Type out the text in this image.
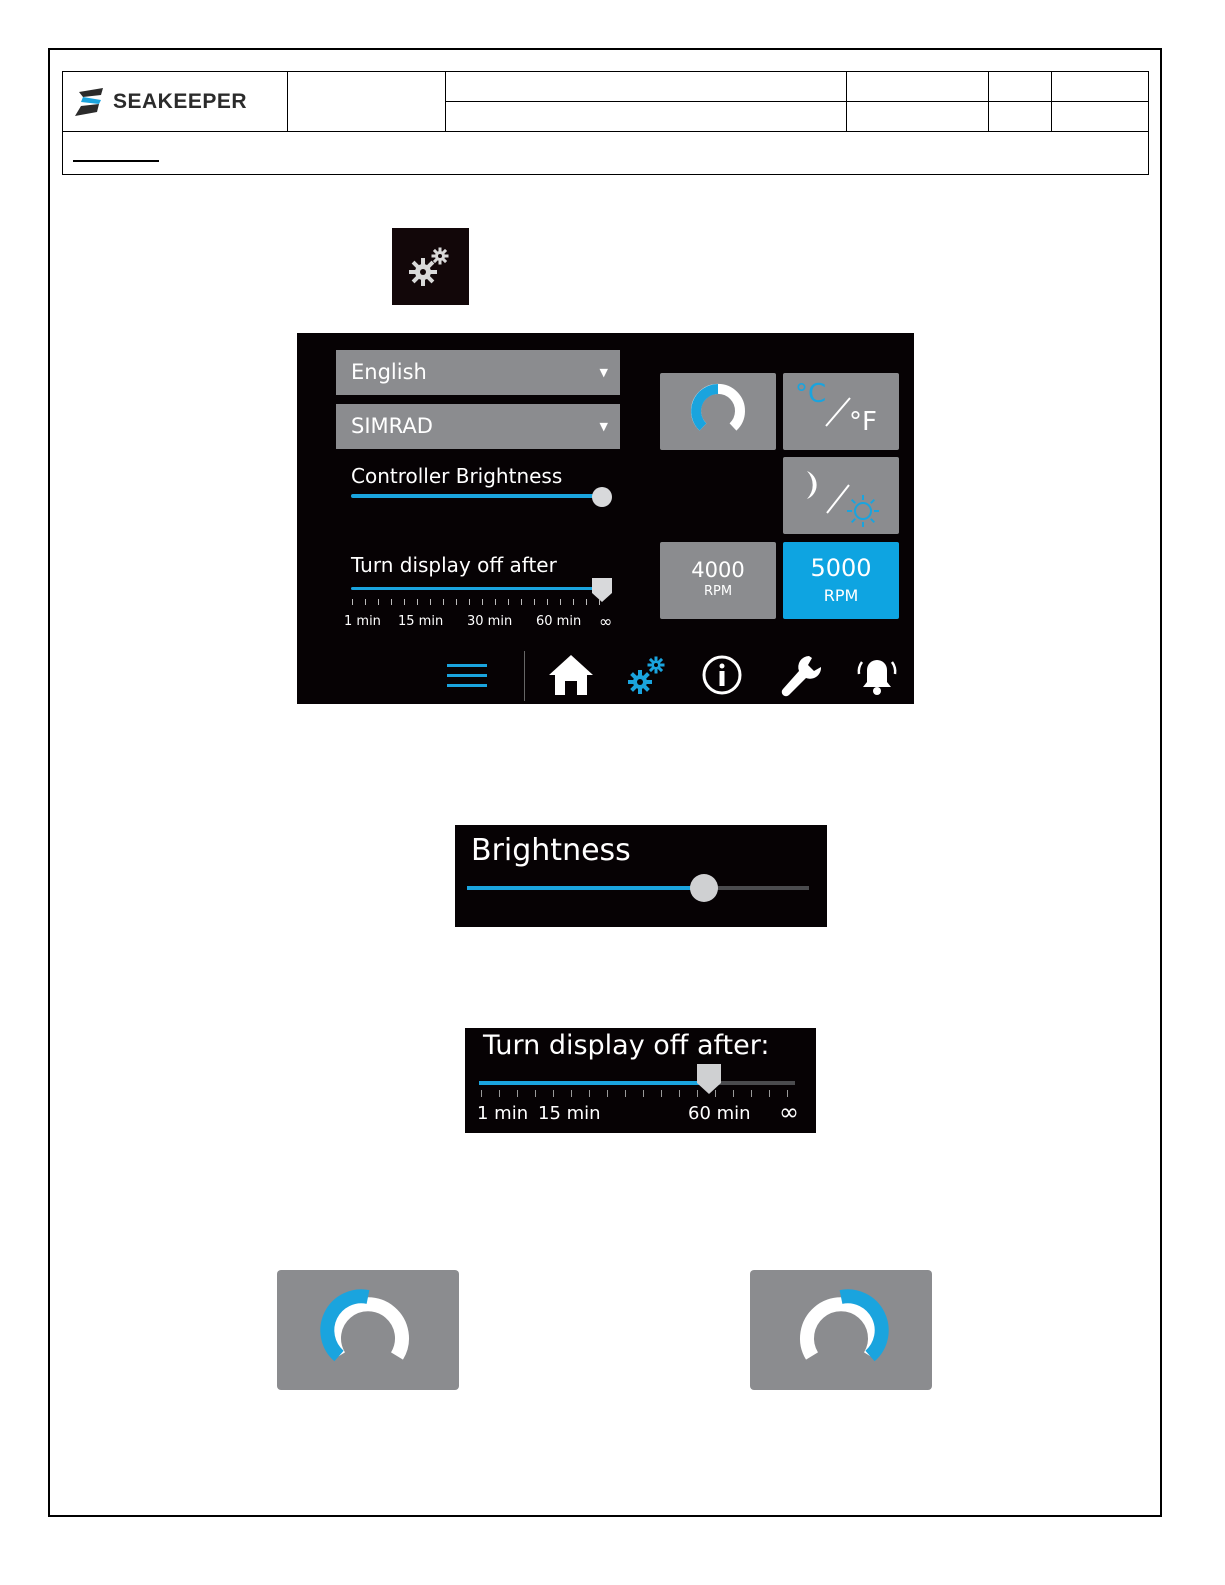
SEAKEEPER
English	▼
SIMRAD	▼
Controller Brightness
Turn display off after
1 min 15 min 30 min 60 min ∞
°C
°F
4000
RPM
5000
RPM
Brightness
Turn display off after:
1 min 15 min	60 min ∞
